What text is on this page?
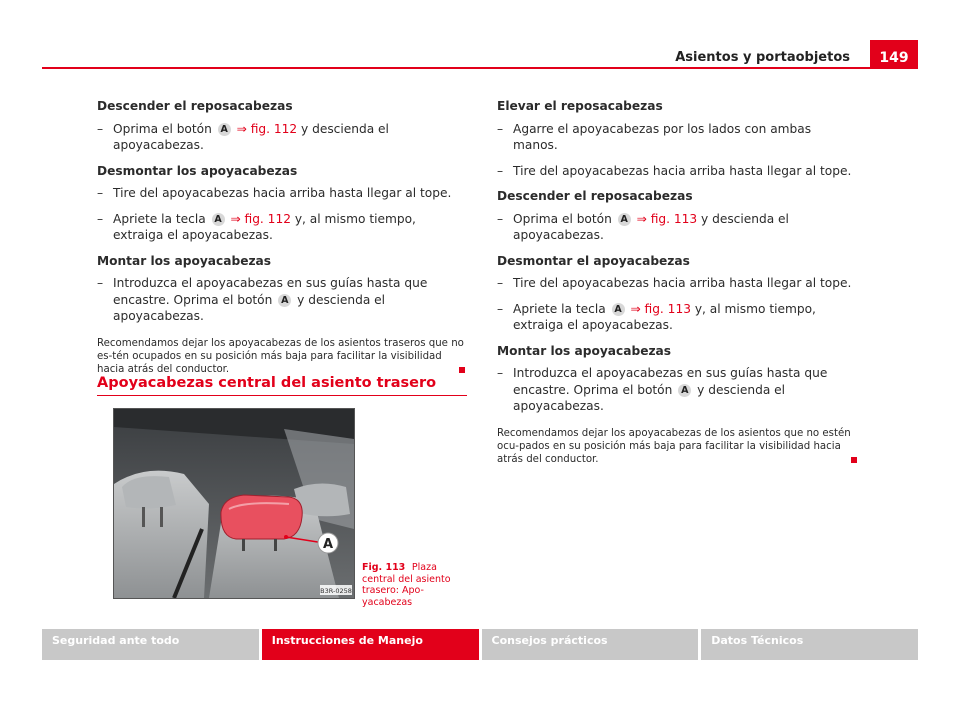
Asientos y portaobjetos	149
Descender el reposacabezas
– Oprima el botón A ⇒ fig. 112 y descienda el apoyacabezas.
Desmontar los apoyacabezas
– Tire del apoyacabezas hacia arriba hasta llegar al tope.
– Apriete la tecla A ⇒ fig. 112 y, al mismo tiempo, extraiga el apoyacabezas.
Montar los apoyacabezas
– Introduzca el apoyacabezas en sus guías hasta que encastre. Oprima el botón A y descienda el apoyacabezas.
Recomendamos dejar los apoyacabezas de los asientos traseros que no es-tén ocupados en su posición más baja para facilitar la visibilidad hacia atrás del conductor.
Apoyacabezas central del asiento trasero
A
B3R-0258
Fig. 113 Plaza central del asiento trasero: Apo-yacabezas
Elevar el reposacabezas
– Agarre el apoyacabezas por los lados con ambas manos.
– Tire del apoyacabezas hacia arriba hasta llegar al tope.
Descender el reposacabezas
– Oprima el botón A ⇒ fig. 113 y descienda el apoyacabezas.
Desmontar el apoyacabezas
– Tire del apoyacabezas hacia arriba hasta llegar al tope.
– Apriete la tecla A ⇒ fig. 113 y, al mismo tiempo, extraiga el apoyacabezas.
Montar los apoyacabezas
– Introduzca el apoyacabezas en sus guías hasta que encastre. Oprima el botón A y descienda el apoyacabezas.
Recomendamos dejar los apoyacabezas de los asientos que no estén ocu-pados en su posición más baja para facilitar la visibilidad hacia atrás del conductor.
Seguridad ante todo	Instrucciones de Manejo	Consejos prácticos	Datos Técnicos
